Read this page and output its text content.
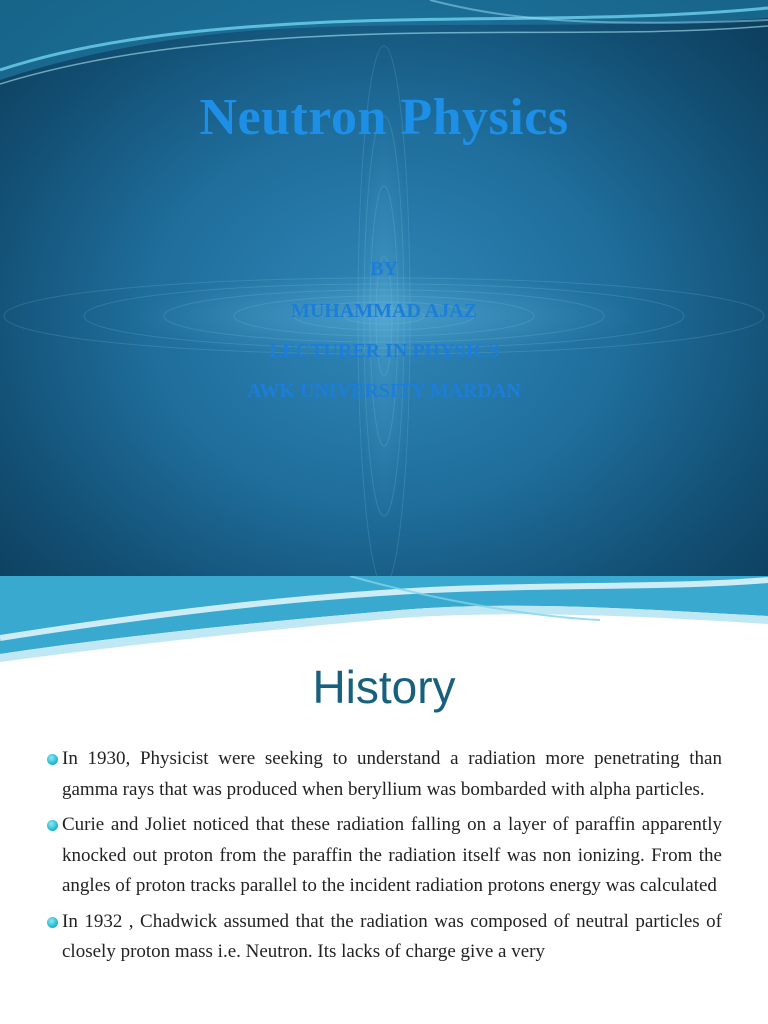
Neutron Physics
BY
MUHAMMAD AJAZ
LECTURER IN PHYSICS
AWK UNIVERSITY MARDAN
History
In 1930, Physicist were seeking to understand a radiation more penetrating than gamma rays that was produced when beryllium was bombarded with alpha particles.
Curie and Joliet noticed that these radiation falling on a layer of paraffin apparently knocked out proton from the paraffin the radiation itself was non ionizing. From the angles of proton tracks parallel to the incident radiation protons energy was calculated
In 1932 , Chadwick assumed that the radiation was composed of neutral particles of closely proton mass i.e. Neutron. Its lacks of charge give a very
